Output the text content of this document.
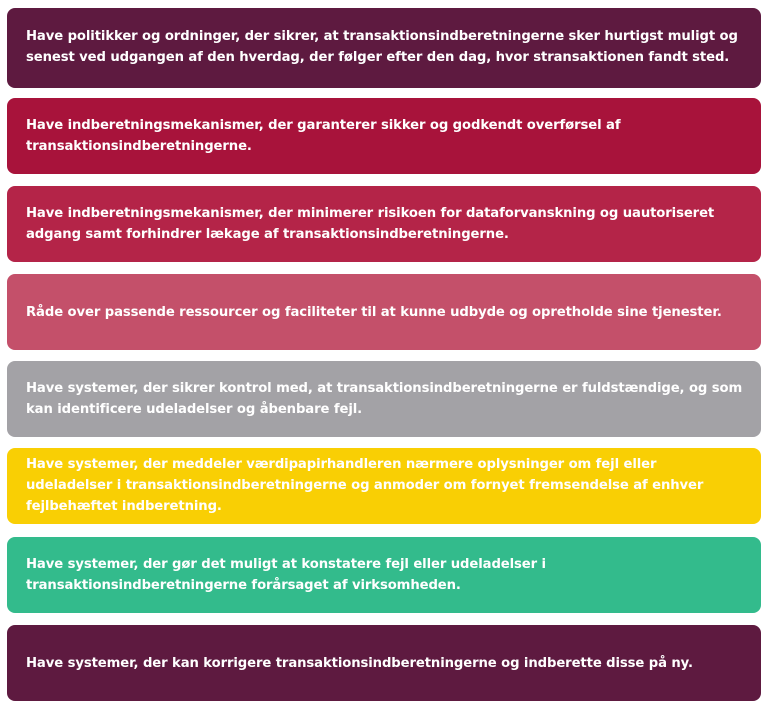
Have politikker og ordninger, der sikrer, at transaktionsindberetningerne sker hurtigst muligt og senest ved udgangen af den hverdag, der følger efter den dag, hvor stransaktionen fandt sted.
Have indberetningsmekanismer, der garanterer sikker og godkendt overførsel af transaktionsindberetningerne.
Have indberetningsmekanismer, der minimerer risikoen for dataforvanskning og uautoriseret adgang samt forhindrer lækage af transaktionsindberetningerne.
Råde over passende ressourcer og faciliteter til at kunne udbyde og opretholde sine tjenester.
Have systemer, der sikrer kontrol med, at transaktionsindberetningerne er fuldstændige, og som kan identificere udeladelser og åbenbare fejl.
Have systemer, der meddeler værdipapirhandleren nærmere oplysninger om fejl eller udeladelser i transaktionsindberetningerne og anmoder om fornyet fremsendelse af enhver fejlbehæftet indberetning.
Have systemer, der gør det muligt at konstatere fejl eller udeladelser i transaktionsindberetningerne forårsaget af virksomheden.
Have systemer, der kan korrigere transaktionsindberetningerne og indberette disse på ny.
